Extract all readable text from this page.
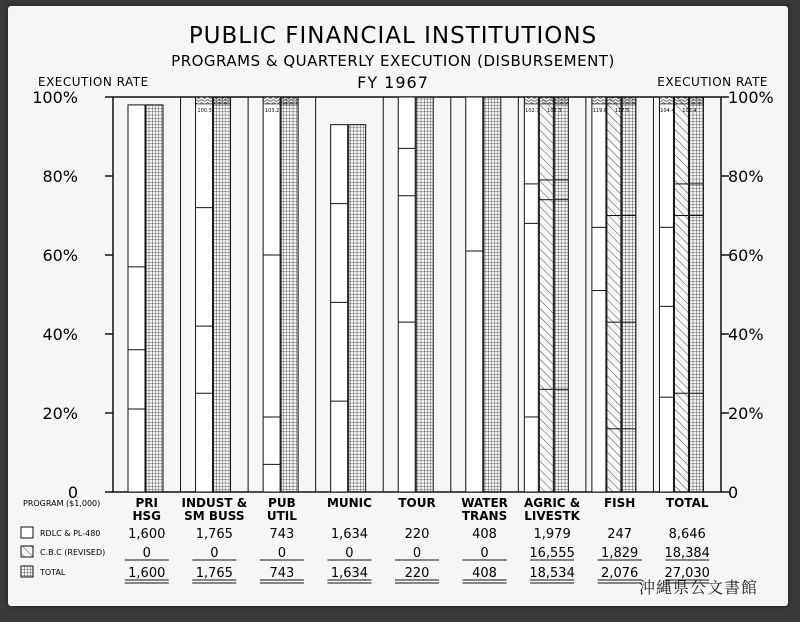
PUBLIC FINANCIAL INSTITUTIONS
PROGRAMS & QUARTERLY EXECUTION (DISBURSEMENT)
FY 1967
EXECUTION RATE	EXECUTION RATE
0
20%
40%
60%
80%
100%
0
20%
40%
60%
80%
100%
100.3	103.2	102.7 102.3	119.8 117.5	104.4 102.4
PRI
HSG
INDUST &
SM BUSS
PUB
UTIL
MUNIC TOUR WATER
TRANS
AGRIC &
LIVESTK
FISH	TOTAL
PROGRAM ($1,000)
RDLC & PL-480
C.B.C (REVISED)
TOTAL
1,600 1,765	743	1,634	220	408	1,979	247	8,646
0	0	0	0	0	0	16,555 1,829 18,384
1,600 1,765	743	1,634	220	408 18,534 2,076 27,030
沖縄県公文書館
